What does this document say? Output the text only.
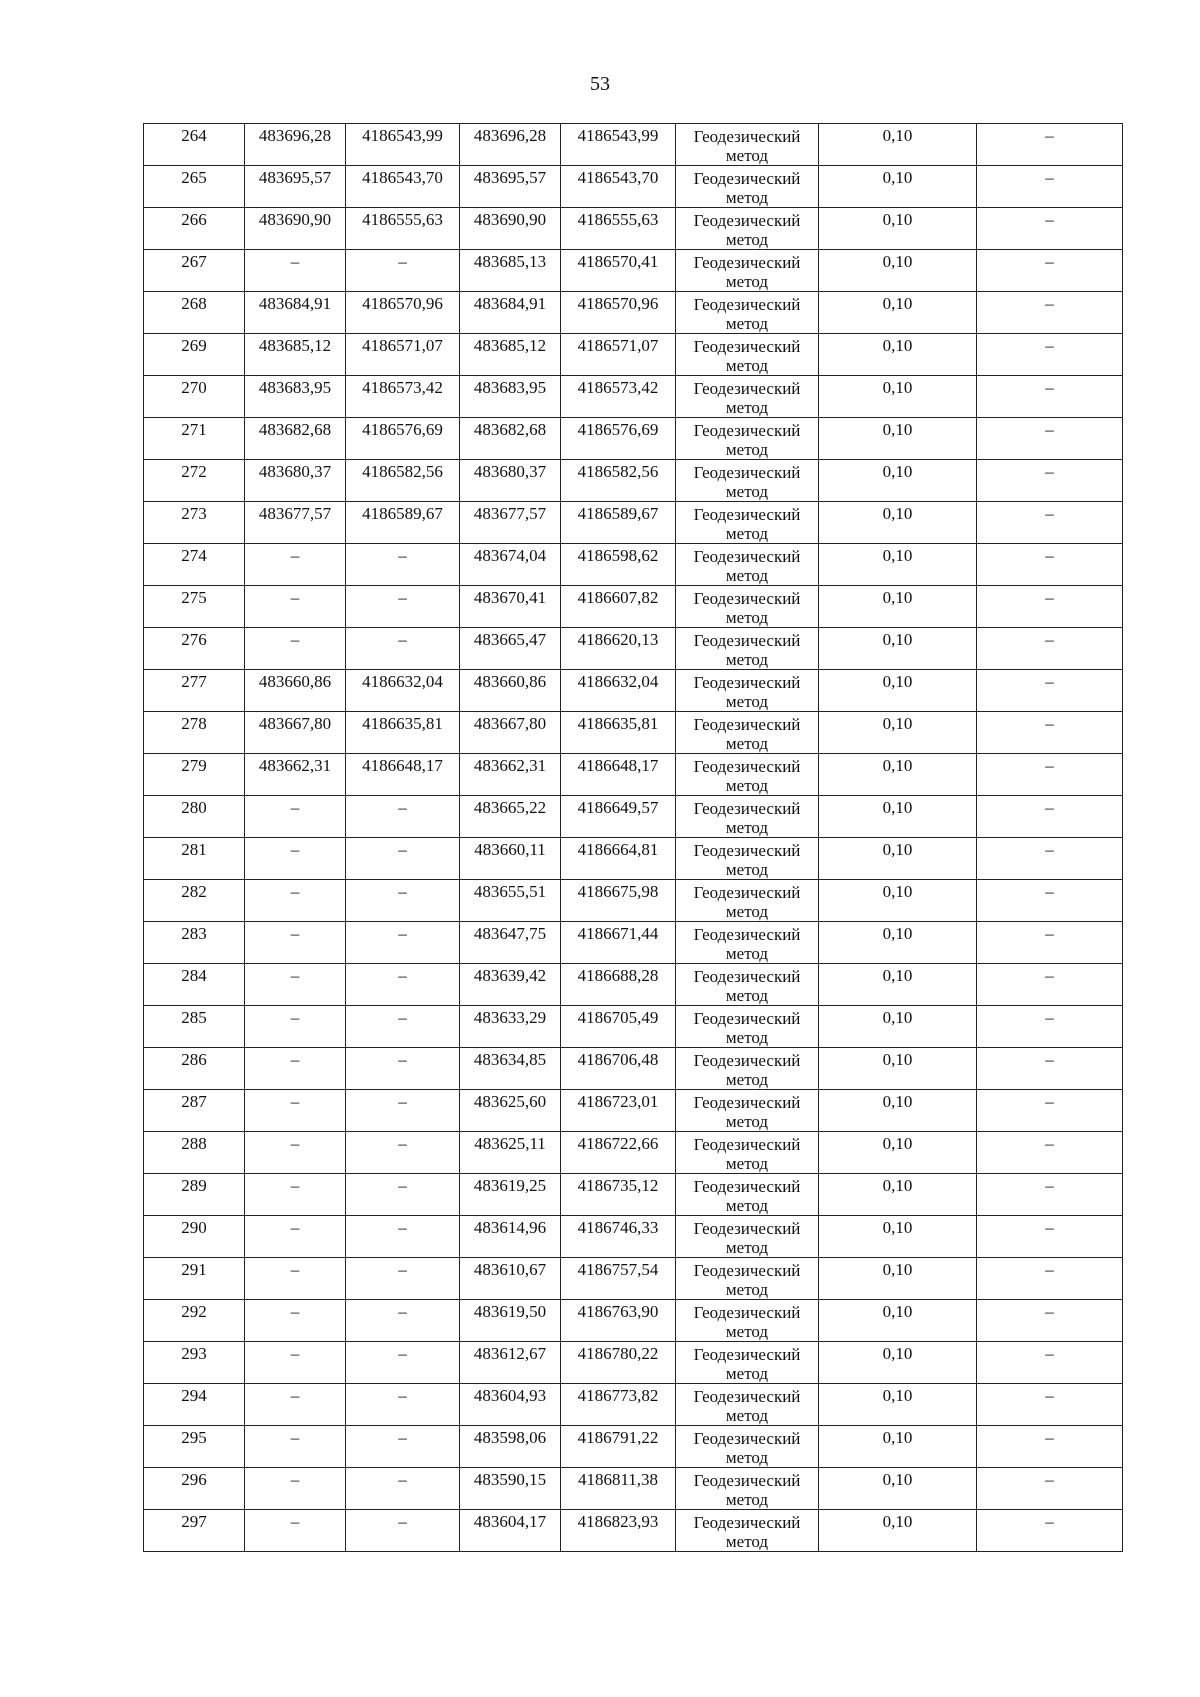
53
264	483696,28	4186543,99	483696,28	4186543,99	Геодезический
метод	0,10	–
265	483695,57	4186543,70	483695,57	4186543,70	Геодезический
метод	0,10	–
266	483690,90	4186555,63	483690,90	4186555,63	Геодезический
метод	0,10	–
267	–	–	483685,13	4186570,41	Геодезический
метод	0,10	–
268	483684,91	4186570,96	483684,91	4186570,96	Геодезический
метод	0,10	–
269	483685,12	4186571,07	483685,12	4186571,07	Геодезический
метод	0,10	–
270	483683,95	4186573,42	483683,95	4186573,42	Геодезический
метод	0,10	–
271	483682,68	4186576,69	483682,68	4186576,69	Геодезический
метод	0,10	–
272	483680,37	4186582,56	483680,37	4186582,56	Геодезический
метод	0,10	–
273	483677,57	4186589,67	483677,57	4186589,67	Геодезический
метод	0,10	–
274	–	–	483674,04	4186598,62	Геодезический
метод	0,10	–
275	–	–	483670,41	4186607,82	Геодезический
метод	0,10	–
276	–	–	483665,47	4186620,13	Геодезический
метод	0,10	–
277	483660,86	4186632,04	483660,86	4186632,04	Геодезический
метод	0,10	–
278	483667,80	4186635,81	483667,80	4186635,81	Геодезический
метод	0,10	–
279	483662,31	4186648,17	483662,31	4186648,17	Геодезический
метод	0,10	–
280	–	–	483665,22	4186649,57	Геодезический
метод	0,10	–
281	–	–	483660,11	4186664,81	Геодезический
метод	0,10	–
282	–	–	483655,51	4186675,98	Геодезический
метод	0,10	–
283	–	–	483647,75	4186671,44	Геодезический
метод	0,10	–
284	–	–	483639,42	4186688,28	Геодезический
метод	0,10	–
285	–	–	483633,29	4186705,49	Геодезический
метод	0,10	–
286	–	–	483634,85	4186706,48	Геодезический
метод	0,10	–
287	–	–	483625,60	4186723,01	Геодезический
метод	0,10	–
288	–	–	483625,11	4186722,66	Геодезический
метод	0,10	–
289	–	–	483619,25	4186735,12	Геодезический
метод	0,10	–
290	–	–	483614,96	4186746,33	Геодезический
метод	0,10	–
291	–	–	483610,67	4186757,54	Геодезический
метод	0,10	–
292	–	–	483619,50	4186763,90	Геодезический
метод	0,10	–
293	–	–	483612,67	4186780,22	Геодезический
метод	0,10	–
294	–	–	483604,93	4186773,82	Геодезический
метод	0,10	–
295	–	–	483598,06	4186791,22	Геодезический
метод	0,10	–
296	–	–	483590,15	4186811,38	Геодезический
метод	0,10	–
297	–	–	483604,17	4186823,93	Геодезический
метод	0,10	–
